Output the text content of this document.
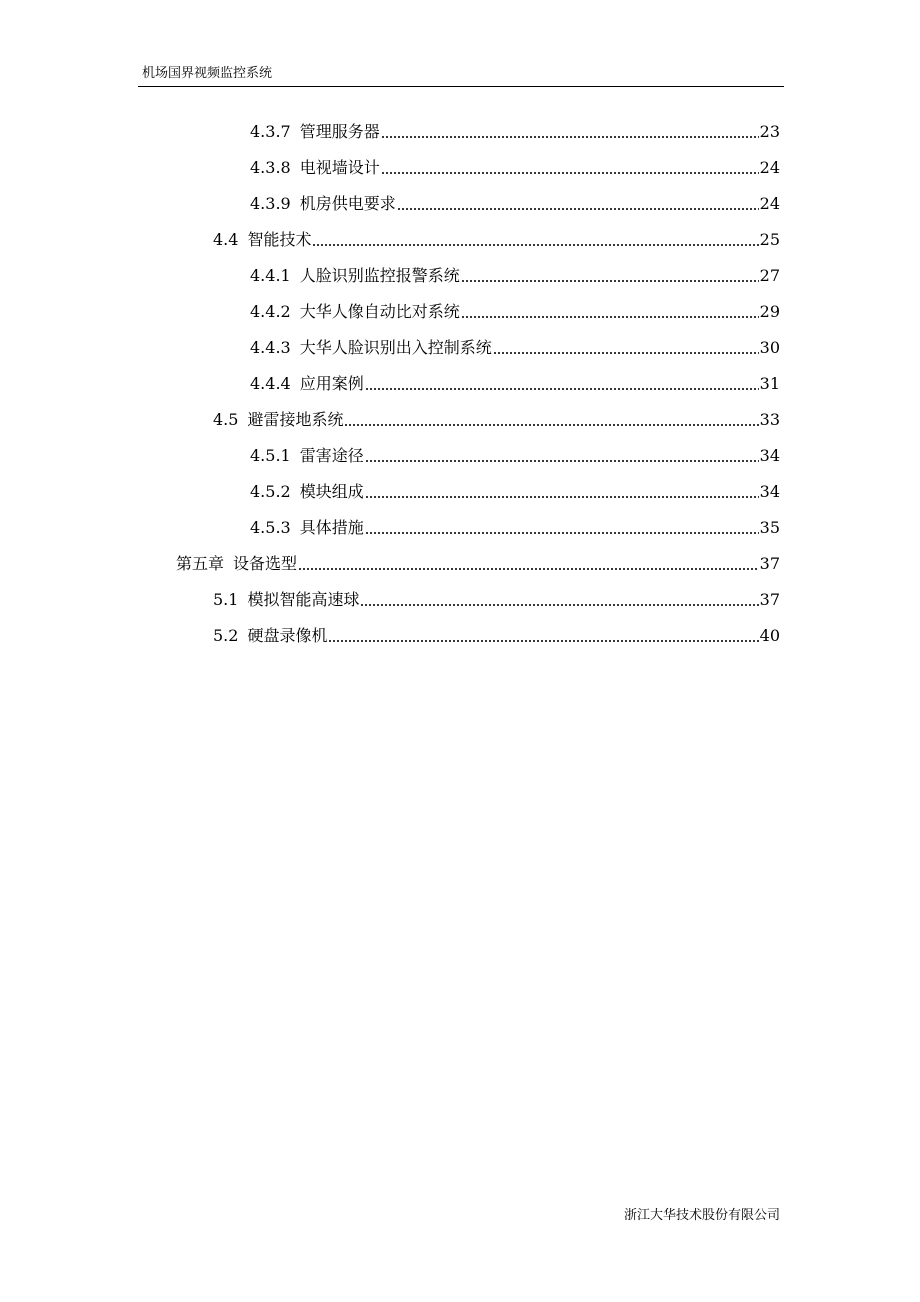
机场国界视频监控系统
4.3.7 管理服务器	23
4.3.8 电视墙设计	24
4.3.9 机房供电要求	24
4.4 智能技术	25
4.4.1 人脸识别监控报警系统	27
4.4.2 大华人像自动比对系统	29
4.4.3 大华人脸识别出入控制系统	30
4.4.4 应用案例	31
4.5 避雷接地系统	33
4.5.1 雷害途径	34
4.5.2 模块组成	34
4.5.3 具体措施	35
第五章 设备选型	37
5.1 模拟智能高速球	37
5.2 硬盘录像机	40
浙江大华技术股份有限公司
